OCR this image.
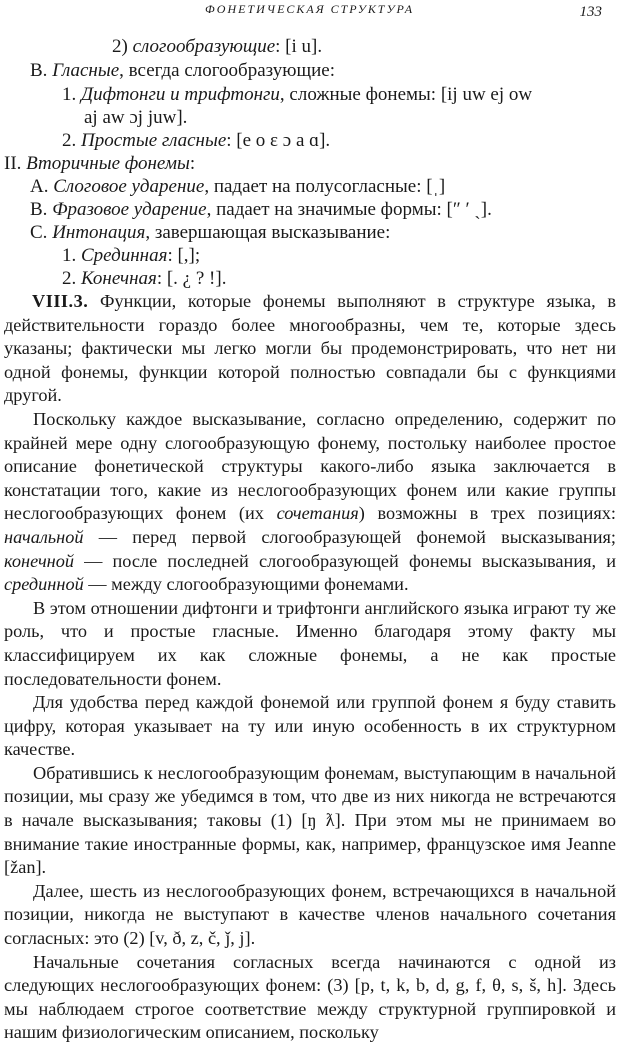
ФОНЕТИЧЕСКАЯ СТРУКТУРА	133
2) слогообразующие: [i u].
B. Гласные, всегда слогообразующие:
1. Дифтонги и трифтонги, сложные фонемы: [ij uw ej ow
aj aw ɔj juw].
2. Простые гласные: [e o ɛ ɔ a ɑ].
II. Вторичные фонемы:
A. Слоговое ударение, падает на полусогласные: [ˌ]
B. Фразовое ударение, падает на значимые формы: [″ ′ ˏ].
C. Интонация, завершающая высказывание:
1. Срединная: [,];
2. Конечная: [. ¿ ? !].

VIII.3. Функции, которые фонемы выполняют в структуре языка, в действительности гораздо более многообразны, чем те, которые здесь указаны; фактически мы легко могли бы продемонстрировать, что нет ни одной фонемы, функции которой полностью совпадали бы с функциями другой.

Поскольку каждое высказывание, согласно определению, содержит по крайней мере одну слогообразующую фонему, постольку наиболее простое описание фонетической структуры какого-либо языка заключается в констатации того, какие из неслогообразующих фонем или какие группы неслогообразующих фонем (их сочетания) возможны в трех позициях: начальной — перед первой слогообразующей фонемой высказывания; конечной — после последней слогообразующей фонемы высказывания, и срединной — между слогообразующими фонемами.

В этом отношении дифтонги и трифтонги английского языка играют ту же роль, что и простые гласные. Именно благодаря этому факту мы классифицируем их как сложные фонемы, а не как простые последовательности фонем.

Для удобства перед каждой фонемой или группой фонем я буду ставить цифру, которая указывает на ту или иную особенность в их структурном качестве.

Обратившись к неслогообразующим фонемам, выступающим в начальной позиции, мы сразу же убедимся в том, что две из них никогда не встречаются в начале высказывания; таковы (1) [ŋ ƛ]. При этом мы не принимаем во внимание такие иностранные формы, как, например, французское имя Jeanne [žan].

Далее, шесть из неслогообразующих фонем, встречающихся в начальной позиции, никогда не выступают в качестве членов начального сочетания согласных: это (2) [v, ð, z, č, ǰ, j].

Начальные сочетания согласных всегда начинаются с одной из следующих неслогообразующих фонем: (3) [p, t, k, b, d, g, f, θ, s, š, h]. Здесь мы наблюдаем строгое соответствие между структурной группировкой и нашим физиологическим описанием, поскольку
